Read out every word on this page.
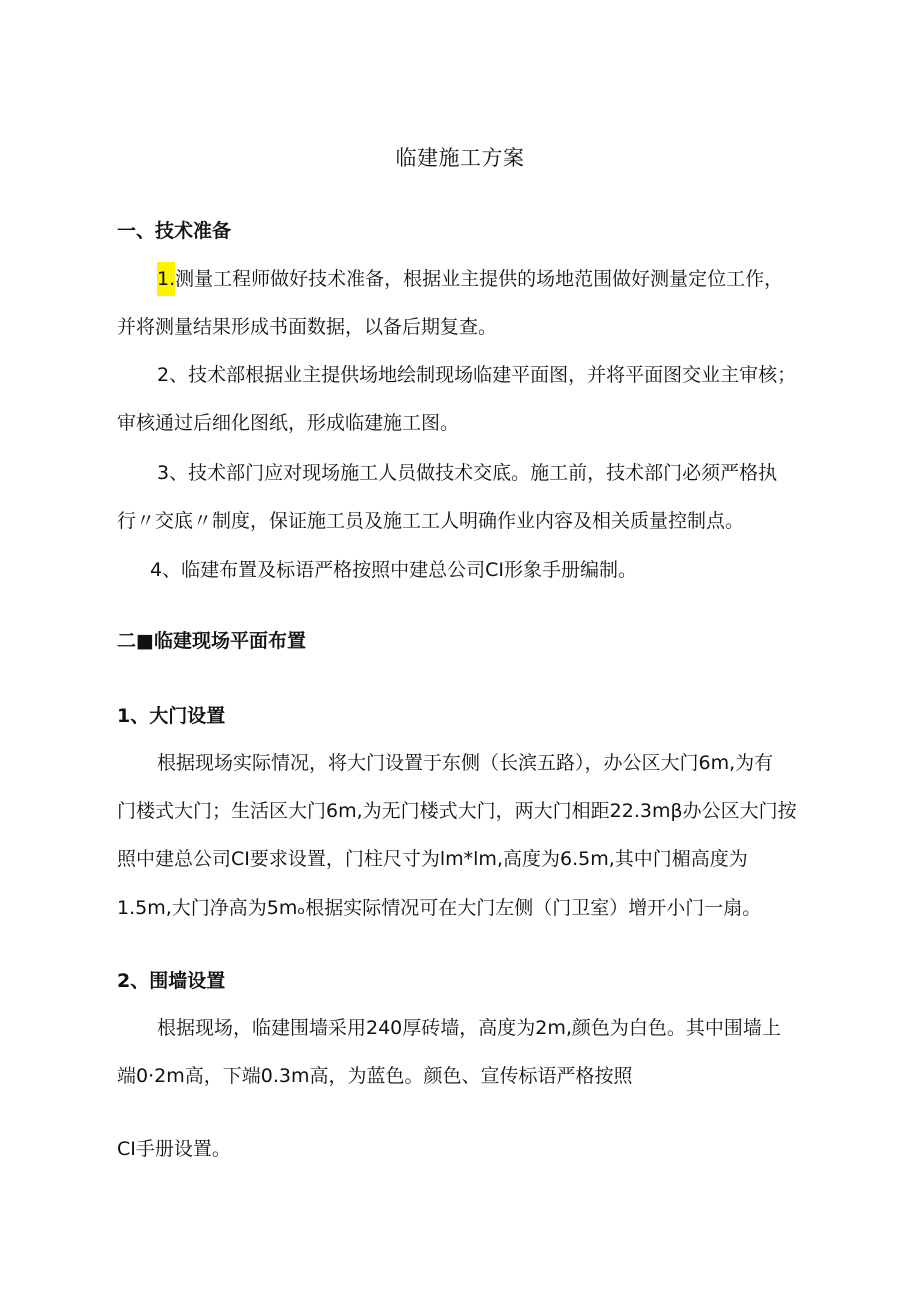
临建施工方案
一、技术准备
1.测量工程师做好技术准备，根据业主提供的场地范围做好测量定位工作，
并将测量结果形成书面数据，以备后期复查。
2、技术部根据业主提供场地绘制现场临建平面图，并将平面图交业主审核；
审核通过后细化图纸，形成临建施工图。
3、技术部门应对现场施工人员做技术交底。施工前，技术部门必须严格执
行〃交底〃制度，保证施工员及施工工人明确作业内容及相关质量控制点。
4、临建布置及标语严格按照中建总公司CI形象手册编制。
二■临建现场平面布置
1、大门设置
根据现场实际情况，将大门设置于东侧（长滨五路），办公区大门6m,为有
门楼式大门；生活区大门6m,为无门楼式大门，两大门相距22.3mβ办公区大门按
照中建总公司CI要求设置，门柱尺寸为lm*lm,高度为6.5m,其中门楣高度为
1.5m,大门净高为5mₒ根据实际情况可在大门左侧（门卫室）增开小门一扇。
2、围墙设置
根据现场，临建围墙采用240厚砖墙，高度为2m,颜色为白色。其中围墙上
端0·2m高，下端0.3m高，为蓝色。颜色、宣传标语严格按照
CI手册设置。
